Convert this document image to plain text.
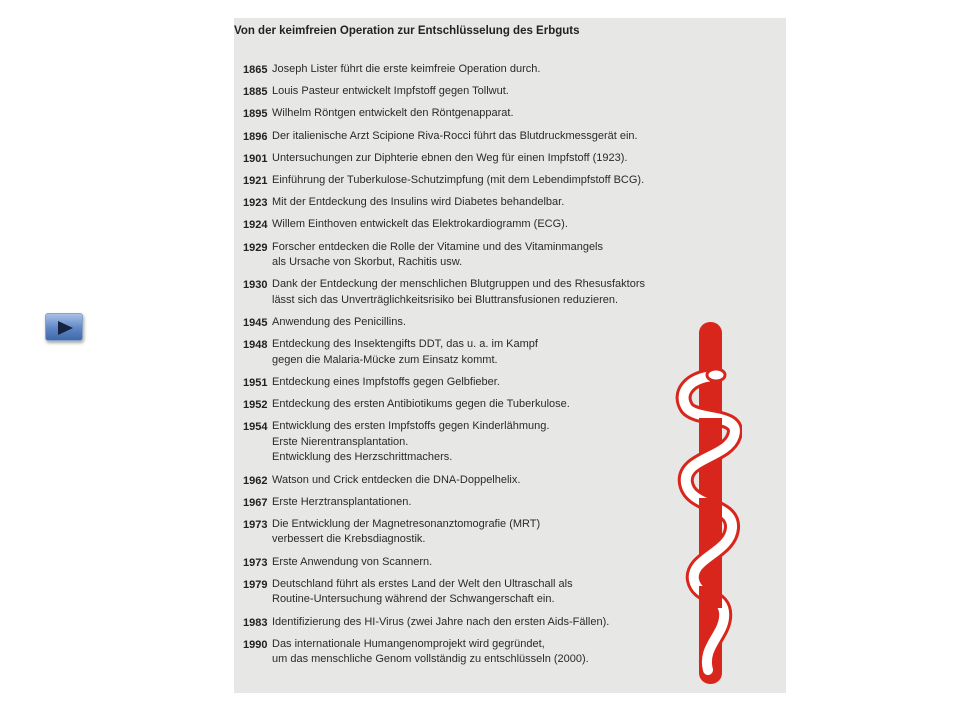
Von der keimfreien Operation zur Entschlüsselung des Erbguts
1865 Joseph Lister führt die erste keimfreie Operation durch.
1885 Louis Pasteur entwickelt Impfstoff gegen Tollwut.
1895 Wilhelm Röntgen entwickelt den Röntgenapparat.
1896 Der italienische Arzt Scipione Riva-Rocci führt das Blutdruckmessgerät ein.
1901 Untersuchungen zur Diphterie ebnen den Weg für einen Impfstoff (1923).
1921 Einführung der Tuberkulose-Schutzimpfung (mit dem Lebendimpfstoff BCG).
1923 Mit der Entdeckung des Insulins wird Diabetes behandelbar.
1924 Willem Einthoven entwickelt das Elektrokardiogramm (ECG).
1929 Forscher entdecken die Rolle der Vitamine und des Vitaminmangels
als Ursache von Skorbut, Rachitis usw.
1930 Dank der Entdeckung der menschlichen Blutgruppen und des Rhesusfaktors
lässt sich das Unverträglichkeitsrisiko bei Bluttransfusionen reduzieren.
1945 Anwendung des Penicillins.
1948 Entdeckung des Insektengifts DDT, das u. a. im Kampf
gegen die Malaria-Mücke zum Einsatz kommt.
1951 Entdeckung eines Impfstoffs gegen Gelbfieber.
1952 Entdeckung des ersten Antibiotikums gegen die Tuberkulose.
1954 Entwicklung des ersten Impfstoffs gegen Kinderlähmung.
Erste Nierentransplantation.
Entwicklung des Herzschrittmachers.
1962 Watson und Crick entdecken die DNA-Doppelhelix.
1967 Erste Herztransplantationen.
1973 Die Entwicklung der Magnetresonanztomografie (MRT)
verbessert die Krebsdiagnostik.
1973 Erste Anwendung von Scannern.
1979 Deutschland führt als erstes Land der Welt den Ultraschall als
Routine-Untersuchung während der Schwangerschaft ein.
1983 Identifizierung des HI-Virus (zwei Jahre nach den ersten Aids-Fällen).
1990 Das internationale Humangenomprojekt wird gegründet,
um das menschliche Genom vollständig zu entschlüsseln (2000).
